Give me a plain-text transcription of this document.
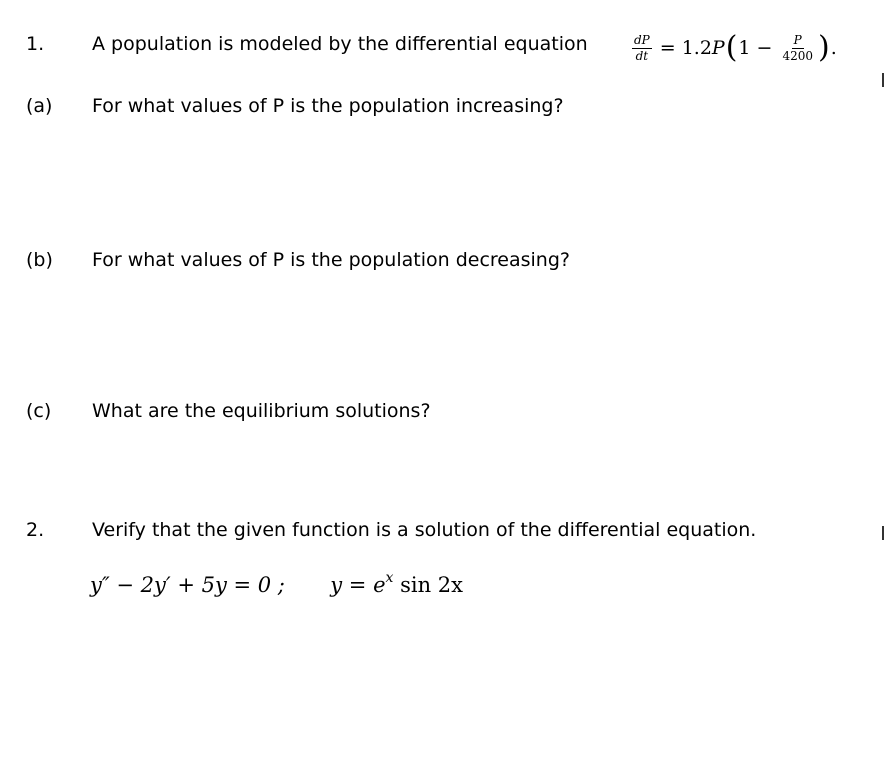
1.	A population is modeled by the differential equation	$\frac{dP}{dt} = 1.2$ P ( $1 - \frac{P}{4200}$ ) .
(a) For what values of P is the population increasing?
(b) For what values of P is the population decreasing?
(c) What are the equilibrium solutions?
2.	Verify that the given function is a solution of the differential equation.
y″ − 2y′ + 5y = 0 ; $y = e^x$ sin 2x
